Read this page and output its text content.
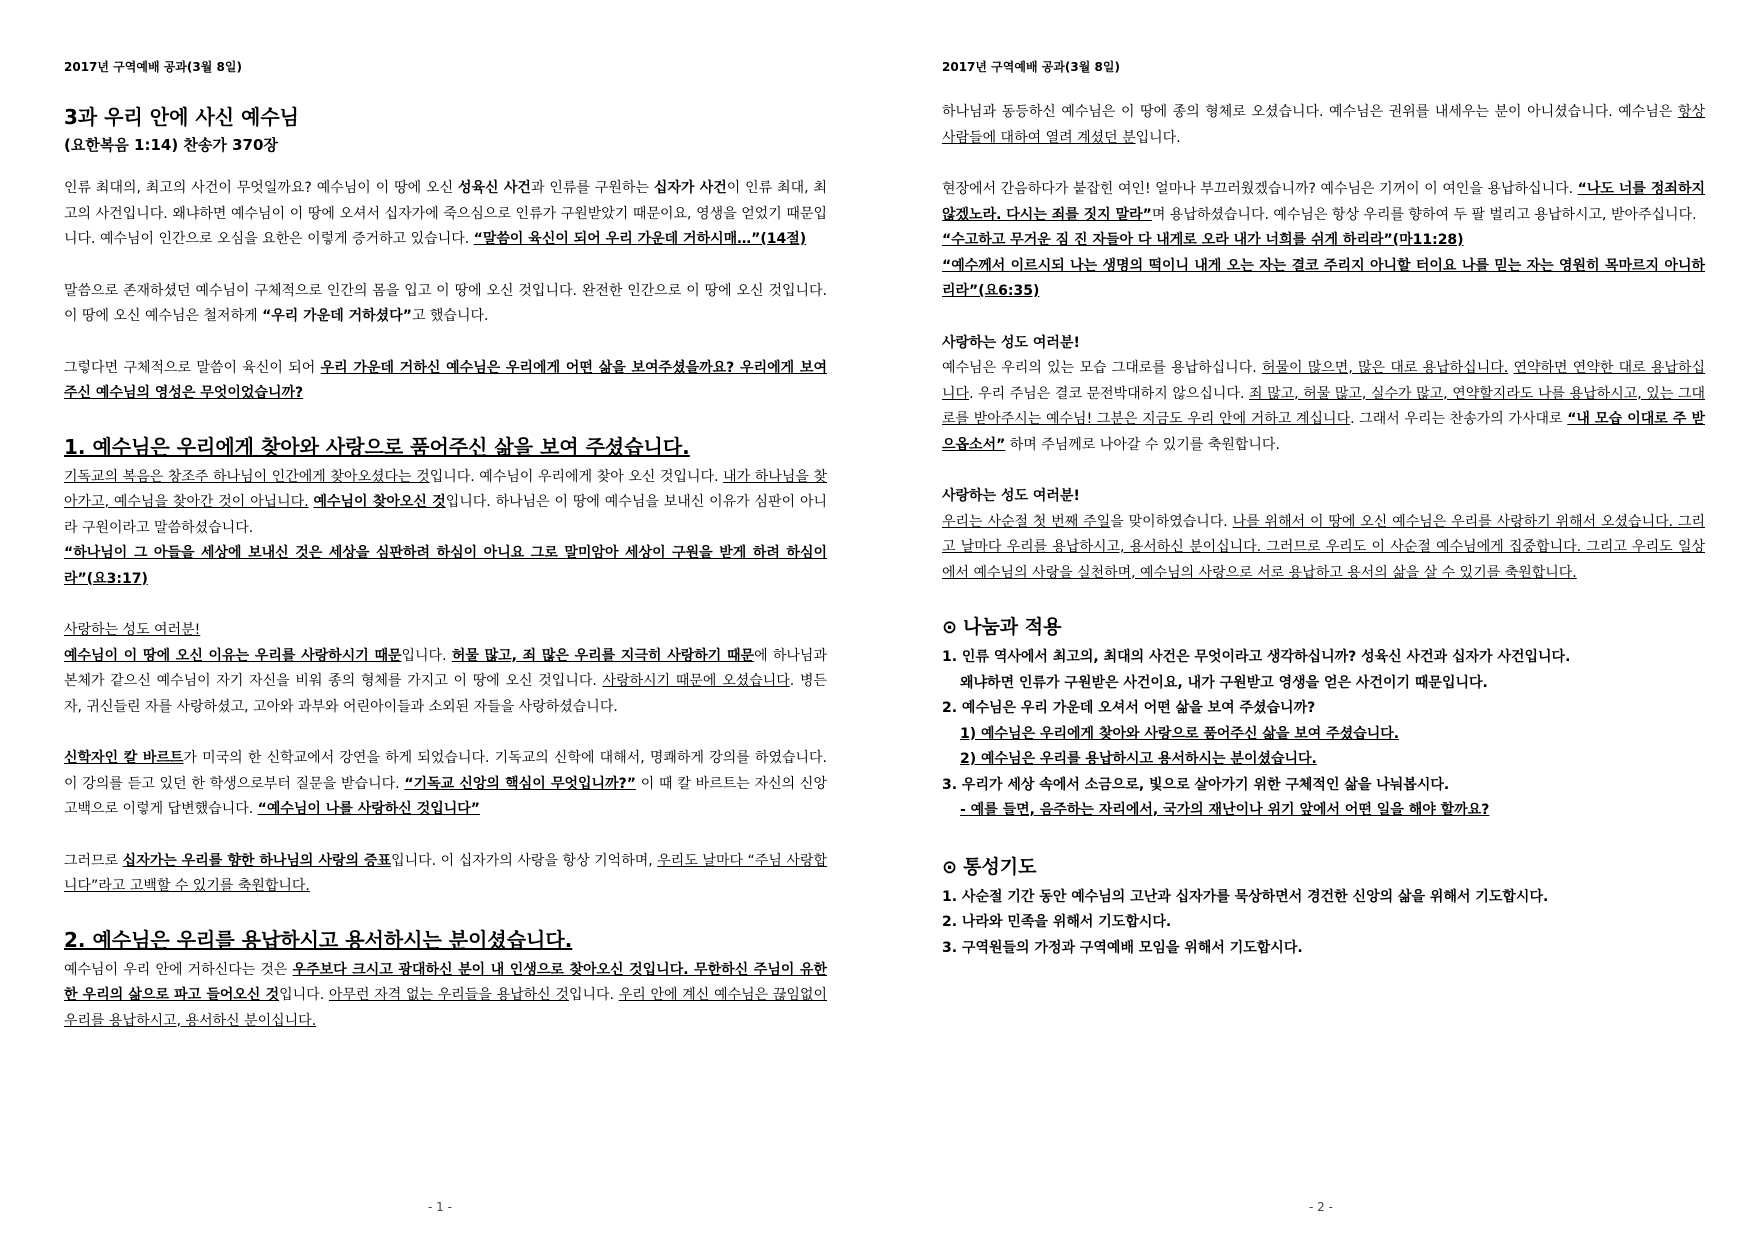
2017년 구역예배 공과(3월 8일)
3과 우리 안에 사신 예수님
(요한복음 1:14) 찬송가 370장

인류 최대의, 최고의 사건이 무엇일까요? 예수님이 이 땅에 오신 성육신 사건과 인류를 구원하는 십자가 사건이 인류 최대, 최고의 사건입니다. 왜냐하면 예수님이 이 땅에 오셔서 십자가에 죽으심으로 인류가 구원받았기 때문이요, 영생을 얻었기 때문입니다. 예수님이 인간으로 오심을 요한은 이렇게 증거하고 있습니다. “말씀이 육신이 되어 우리 가운데 거하시매…”(14절)

말씀으로 존재하셨던 예수님이 구체적으로 인간의 몸을 입고 이 땅에 오신 것입니다. 완전한 인간으로 이 땅에 오신 것입니다. 이 땅에 오신 예수님은 철저하게 “우리 가운데 거하셨다”고 했습니다.

그렇다면 구체적으로 말씀이 육신이 되어 우리 가운데 거하신 예수님은 우리에게 어떤 삶을 보여주셨을까요? 우리에게 보여주신 예수님의 영성은 무엇이었습니까?

1. 예수님은 우리에게 찾아와 사랑으로 품어주신 삶을 보여 주셨습니다.

기독교의 복음은 창조주 하나님이 인간에게 찾아오셨다는 것입니다. 예수님이 우리에게 찾아 오신 것입니다. 내가 하나님을 찾아가고, 예수님을 찾아간 것이 아닙니다. 예수님이 찾아오신 것입니다. 하나님은 이 땅에 예수님을 보내신 이유가 심판이 아니라 구원이라고 말씀하셨습니다.
“하나님이 그 아들을 세상에 보내신 것은 세상을 심판하려 하심이 아니요 그로 말미암아 세상이 구원을 받게 하려 하심이라”(요3:17)

사랑하는 성도 여러분!
예수님이 이 땅에 오신 이유는 우리를 사랑하시기 때문입니다. 허물 많고, 죄 많은 우리를 지극히 사랑하기 때문에 하나님과 본체가 같으신 예수님이 자기 자신을 비워 종의 형체를 가지고 이 땅에 오신 것입니다. 사랑하시기 때문에 오셨습니다. 병든 자, 귀신들린 자를 사랑하셨고, 고아와 과부와 어린아이들과 소외된 자들을 사랑하셨습니다.

신학자인 칼 바르트가 미국의 한 신학교에서 강연을 하게 되었습니다. 기독교의 신학에 대해서, 명쾌하게 강의를 하였습니다. 이 강의를 듣고 있던 한 학생으로부터 질문을 받습니다. “기독교 신앙의 핵심이 무엇입니까?” 이 때 칼 바르트는 자신의 신앙고백으로 이렇게 답변했습니다. “예수님이 나를 사랑하신 것입니다”

그러므로 십자가는 우리를 향한 하나님의 사랑의 증표입니다. 이 십자가의 사랑을 항상 기억하며, 우리도 날마다 “주님 사랑합니다”라고 고백할 수 있기를 축원합니다.

2. 예수님은 우리를 용납하시고 용서하시는 분이셨습니다.

예수님이 우리 안에 거하신다는 것은 우주보다 크시고 광대하신 분이 내 인생으로 찾아오신 것입니다. 무한하신 주님이 유한한 우리의 삶으로 파고 들어오신 것입니다. 아무런 자격 없는 우리들을 용납하신 것입니다. 우리 안에 계신 예수님은 끊임없이 우리를 용납하시고, 용서하신 분이십니다.

- 1 -
2017년 구역예배 공과(3월 8일)

하나님과 동등하신 예수님은 이 땅에 종의 형체로 오셨습니다. 예수님은 권위를 내세우는 분이 아니셨습니다. 예수님은 항상 사람들에 대하여 열려 계셨던 분입니다.

현장에서 간음하다가 붙잡힌 여인! 얼마나 부끄러웠겠습니까? 예수님은 기꺼이 이 여인을 용납하십니다. “나도 너를 정죄하지 않겠노라. 다시는 죄를 짓지 말라”며 용납하셨습니다. 예수님은 항상 우리를 향하여 두 팔 벌리고 용납하시고, 받아주십니다.
“수고하고 무거운 짐 진 자들아 다 내게로 오라 내가 너희를 쉬게 하리라”(마11:28)
“예수께서 이르시되 나는 생명의 떡이니 내게 오는 자는 결코 주리지 아니할 터이요 나를 믿는 자는 영원히 목마르지 아니하리라”(요6:35)

사랑하는 성도 여러분!
예수님은 우리의 있는 모습 그대로를 용납하십니다. 허물이 많으면, 많은 대로 용납하십니다. 연약하면 연약한 대로 용납하십니다. 우리 주님은 결코 문전박대하지 않으십니다. 죄 많고, 허물 많고, 실수가 많고, 연약할지라도 나를 용납하시고, 있는 그대로를 받아주시는 예수님! 그분은 지금도 우리 안에 거하고 계십니다. 그래서 우리는 찬송가의 가사대로 “내 모습 이대로 주 받으옵소서” 하며 주님께로 나아갈 수 있기를 축원합니다.

사랑하는 성도 여러분!
우리는 사순절 첫 번째 주일을 맞이하였습니다. 나를 위해서 이 땅에 오신 예수님은 우리를 사랑하기 위해서 오셨습니다. 그리고 날마다 우리를 용납하시고, 용서하신 분이십니다. 그러므로 우리도 이 사순절 예수님에게 집중합니다. 그리고 우리도 일상에서 예수님의 사랑을 실천하며, 예수님의 사랑으로 서로 용납하고 용서의 삶을 살 수 있기를 축원합니다.

⊙ 나눔과 적용
1. 인류 역사에서 최고의, 최대의 사건은 무엇이라고 생각하십니까? 성육신 사건과 십자가 사건입니다.
왜냐하면 인류가 구원받은 사건이요, 내가 구원받고 영생을 얻은 사건이기 때문입니다.
2. 예수님은 우리 가운데 오셔서 어떤 삶을 보여 주셨습니까?
1) 예수님은 우리에게 찾아와 사랑으로 품어주신 삶을 보여 주셨습니다.
2) 예수님은 우리를 용납하시고 용서하시는 분이셨습니다.
3. 우리가 세상 속에서 소금으로, 빛으로 살아가기 위한 구체적인 삶을 나눠봅시다.
- 예를 들면, 음주하는 자리에서, 국가의 재난이나 위기 앞에서 어떤 일을 해야 할까요?
⊙ 통성기도
1. 사순절 기간 동안 예수님의 고난과 십자가를 묵상하면서 경건한 신앙의 삶을 위해서 기도합시다.
2. 나라와 민족을 위해서 기도합시다.
3. 구역원들의 가정과 구역예배 모임을 위해서 기도합시다.
- 2 -
